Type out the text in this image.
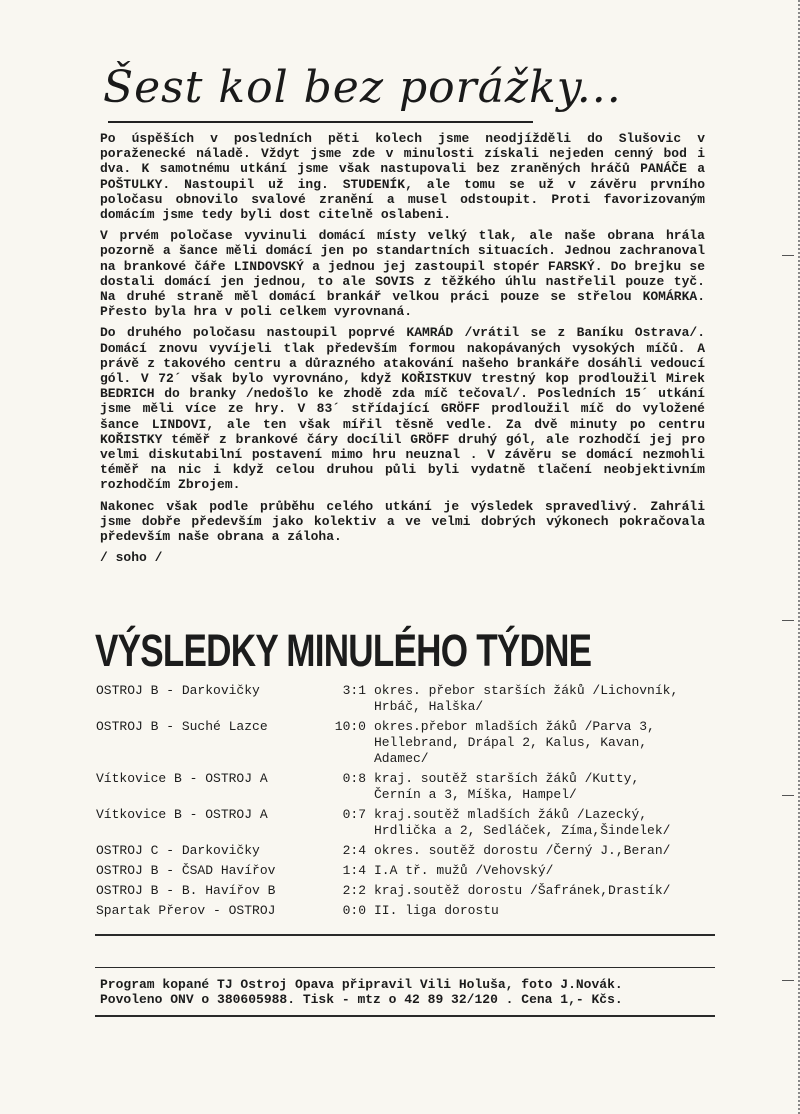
Šest kol bez porážky...

Po úspěších v posledních pěti kolech jsme neodjížděli do Slušovic v poraženecké náladě. Vždyt jsme zde v minulosti získali nejeden cenný bod i dva. K samotnému utkání jsme však nastupovali bez zraněných hráčů PANÁČE a POŠTULKY. Nastoupil už ing. STUDENÍK, ale tomu se už v závěru prvního poločasu obnovilo svalové zranění a musel odstoupit. Proti favorizovaným domácím jsme tedy byli dost citelně oslabeni.

V prvém poločase vyvinuli domácí místy velký tlak, ale naše obrana hrála pozorně a šance měli domácí jen po standartních situacích. Jednou zachranoval na brankové čáře LINDOVSKÝ a jednou jej zastoupil stopér FARSKÝ. Do brejku se dostali domácí jen jednou, to ale SOVIS z těžkého úhlu nastřelil pouze tyč. Na druhé straně měl domácí brankář velkou práci pouze se střelou KOMÁRKA. Přesto byla hra v poli celkem vyrovnaná.

Do druhého poločasu nastoupil poprvé KAMRÁD /vrátil se z Baníku Ostrava/. Domácí znovu vyvíjeli tlak především formou nakopávaných vysokých míčů. A právě z takového centru a důrazného atakování našeho brankáře dosáhli vedoucí gól. V 72´ však bylo vyrovnáno, když KOŘISTKUV trestný kop prodloužil Mirek BEDRICH do branky /nedošlo ke zhodě zda míč tečoval/. Posledních 15´ utkání jsme měli více ze hry. V 83´ střídající GRÖFF prodloužil míč do vyložené šance LINDOVI, ale ten však mířil těsně vedle. Za dvě minuty po centru KOŘISTKY téměř z brankové čáry docílil GRÖFF druhý gól, ale rozhodčí jej pro velmi diskutabilní postavení mimo hru neuznal . V závěru se domácí nezmohli téměř na nic i když celou druhou půli byli vydatně tlačení neobjektivním rozhodčím Zbrojem.

Nakonec však podle průběhu celého utkání je výsledek spravedlivý. Zahráli jsme dobře především jako kolektiv a ve velmi dobrých výkonech pokračovala především naše obrana a záloha.

/ soho /

VÝSLEDKY MINULÉHO TÝDNE
OSTROJ B - Darkovičky	3:1 okres. přebor starších žáků /Lichovník,
Hrbáč, Halška/
OSTROJ B - Suché Lazce	10:0 okres.přebor mladších žáků /Parva 3,
Hellebrand, Drápal 2, Kalus, Kavan,
Adamec/
Vítkovice B - OSTROJ A	0:8 kraj. soutěž starších žáků /Kutty,
Černín a 3, Míška, Hampel/
Vítkovice B - OSTROJ A	0:7 kraj.soutěž mladších žáků /Lazecký,
Hrdlička a 2, Sedláček, Zíma,Šindelek/
OSTROJ C - Darkovičky	2:4 okres. soutěž dorostu /Černý J.,Beran/
OSTROJ B - ČSAD Havířov	1:4 I.A tř. mužů /Vehovský/
OSTROJ B - B. Havířov B	2:2 kraj.soutěž dorostu /Šafránek,Drastík/
Spartak Přerov - OSTROJ	0:0 II. liga dorostu
Program kopané TJ Ostroj Opava připravil Vili Holuša, foto J.Novák.
Povoleno ONV o 380605988. Tisk - mtz o 42 89 32/120 . Cena 1,- Kčs.
